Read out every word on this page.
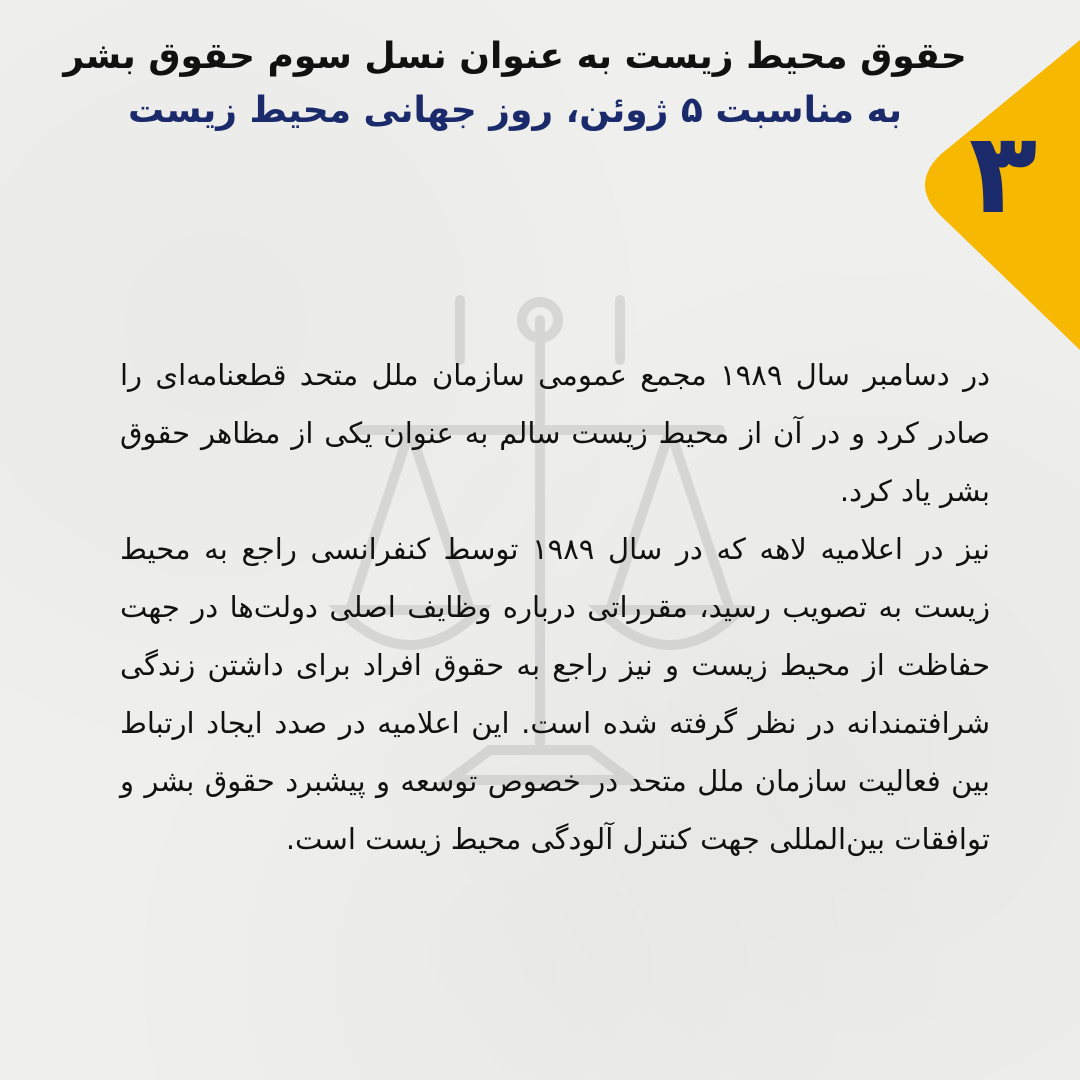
۳
حقوق محیط زیست به عنوان نسل سوم حقوق بشر
به مناسبت ۵ ژوئن، روز جهانی محیط زیست

در دسامبر سال ۱۹۸۹ مجمع عمومی سازمان ملل متحد قطعنامه‌ای را صادر کرد و در آن از محیط زیست سالم به عنوان یکی از مظاهر حقوق بشر یاد کرد.

نیز در اعلامیه لاهه که در سال ۱۹۸۹ توسط کنفرانسی راجع به محیط زیست به تصویب رسید، مقرراتی درباره وظایف اصلی دولت‌ها در جهت حفاظت از محیط زیست و نیز راجع به حقوق افراد برای داشتن زندگی شرافتمندانه در نظر گرفته شده است. این اعلامیه در صدد ایجاد ارتباط بین فعالیت سازمان ملل متحد در خصوص توسعه و پیشبرد حقوق بشر و توافقات بین‌المللی جهت کنترل آلودگی محیط زیست است.
